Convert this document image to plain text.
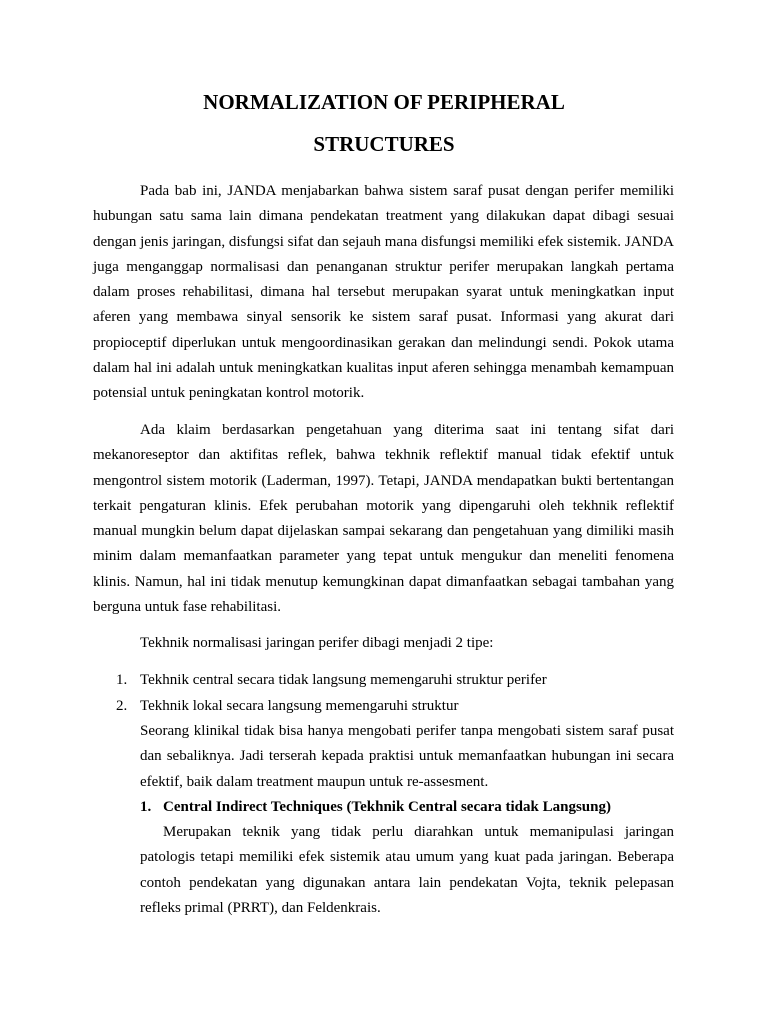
NORMALIZATION OF PERIPHERAL
STRUCTURES
Pada bab ini, JANDA menjabarkan bahwa sistem saraf pusat dengan perifer memiliki hubungan satu sama lain dimana pendekatan treatment yang dilakukan dapat dibagi sesuai dengan jenis jaringan, disfungsi sifat dan sejauh mana disfungsi memiliki efek sistemik. JANDA juga menganggap normalisasi dan penanganan struktur perifer merupakan langkah pertama dalam proses rehabilitasi, dimana hal tersebut merupakan syarat untuk meningkatkan input aferen yang membawa sinyal sensorik ke sistem saraf pusat. Informasi yang akurat dari propioceptif diperlukan untuk mengoordinasikan gerakan dan melindungi sendi. Pokok utama dalam hal ini adalah untuk meningkatkan kualitas input aferen sehingga menambah kemampuan potensial untuk peningkatan kontrol motorik.
Ada klaim berdasarkan pengetahuan yang diterima saat ini tentang sifat dari mekanoreseptor dan aktifitas reflek, bahwa tekhnik reflektif manual tidak efektif untuk mengontrol sistem motorik (Laderman, 1997). Tetapi, JANDA mendapatkan bukti bertentangan terkait pengaturan klinis. Efek perubahan motorik yang dipengaruhi oleh tekhnik reflektif manual mungkin belum dapat dijelaskan sampai sekarang dan pengetahuan yang dimiliki masih minim dalam memanfaatkan parameter yang tepat untuk mengukur dan meneliti fenomena klinis. Namun, hal ini tidak menutup kemungkinan dapat dimanfaatkan sebagai tambahan yang berguna untuk fase rehabilitasi.
Tekhnik normalisasi jaringan perifer dibagi menjadi 2 tipe:
1. Tekhnik central secara tidak langsung memengaruhi struktur perifer
2. Tekhnik lokal secara langsung memengaruhi struktur
Seorang klinikal tidak bisa hanya mengobati perifer tanpa mengobati sistem saraf pusat dan sebaliknya. Jadi terserah kepada praktisi untuk memanfaatkan hubungan ini secara efektif, baik dalam treatment maupun untuk re-assesment.
1. Central Indirect Techniques (Tekhnik Central secara tidak Langsung)
Merupakan teknik yang tidak perlu diarahkan untuk memanipulasi jaringan patologis tetapi memiliki efek sistemik atau umum yang kuat pada jaringan. Beberapa contoh pendekatan yang digunakan antara lain pendekatan Vojta, teknik pelepasan refleks primal (PRRT), dan Feldenkrais.
